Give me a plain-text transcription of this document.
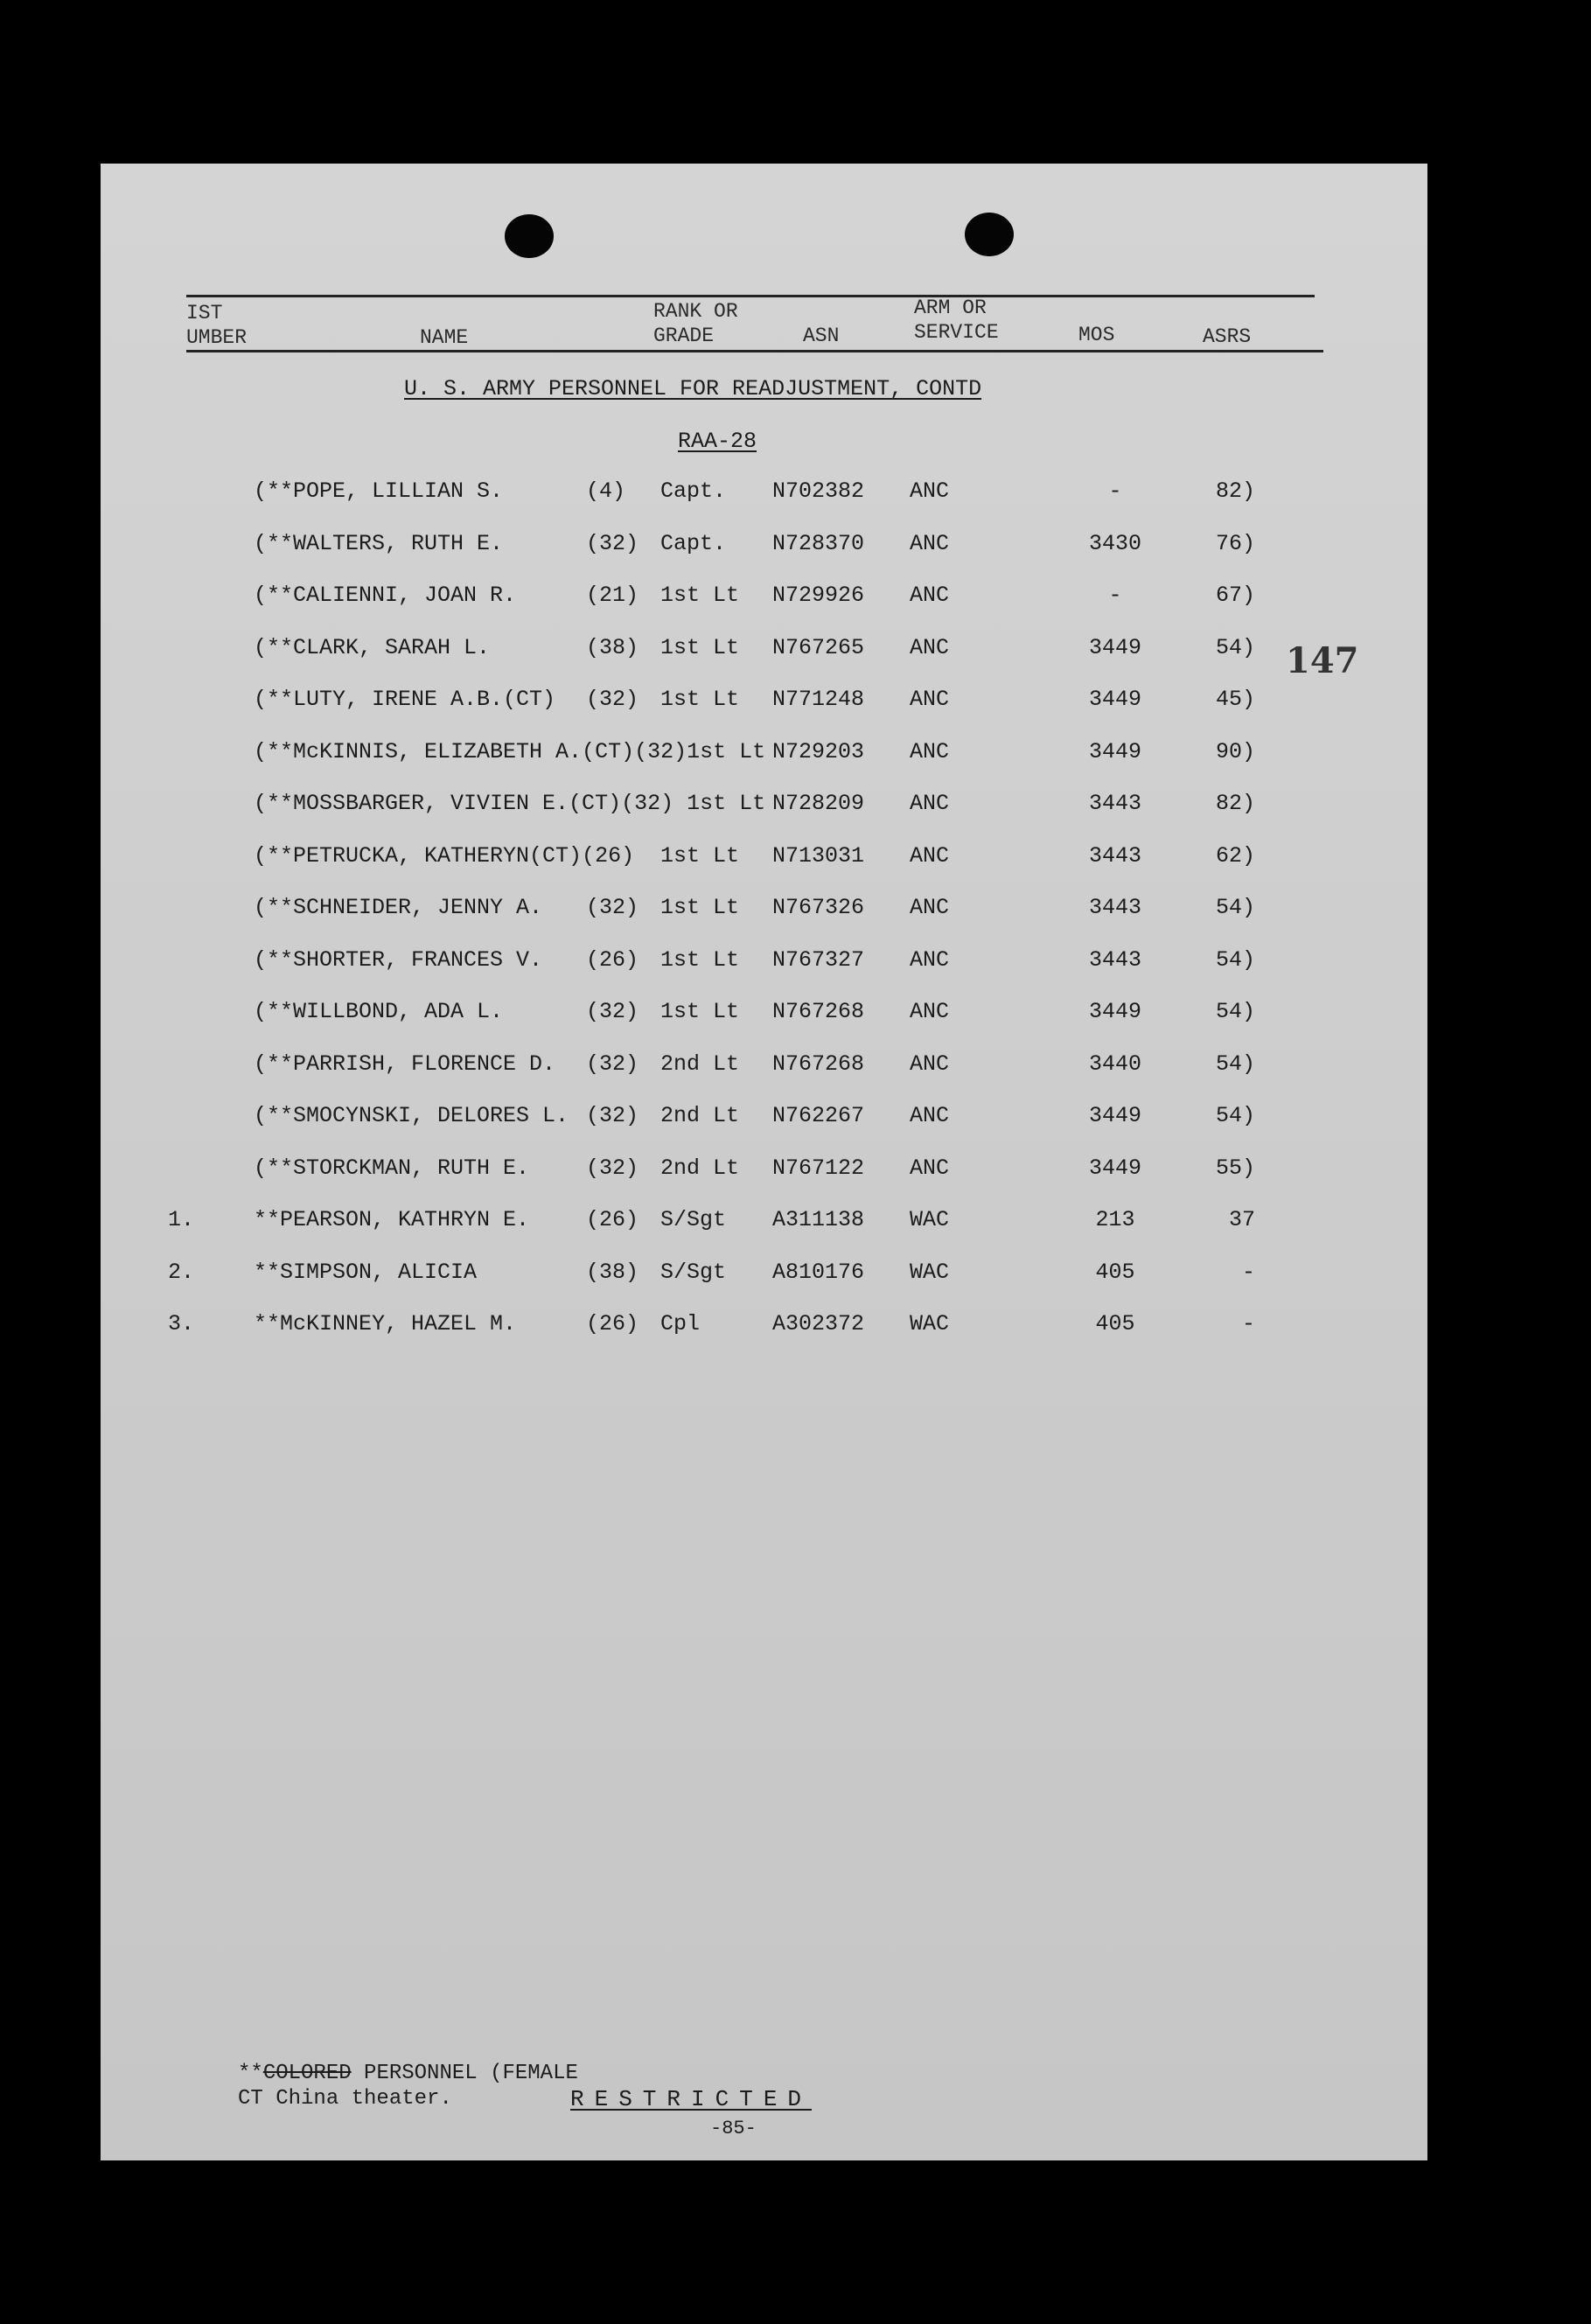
IST
UMBER	NAME
RANK OR
GRADE	ASN
ARM OR
SERVICE	MOS	ASRS
U. S. ARMY PERSONNEL FOR READJUSTMENT, CONTD
RAA-28
(**POPE, LILLIAN S.	(4) Capt. N702382 ANC	-	82)
(**WALTERS, RUTH E.	(32) Capt. N728370 ANC	3430	76)
(**CALIENNI, JOAN R.	(21) 1st Lt N729926 ANC	-	67)
(**CLARK, SARAH L.	(38) 1st Lt N767265 ANC	3449	54)
(**LUTY, IRENE A.B.(CT) (32) 1st Lt N771248 ANC	3449	45)
(**McKINNIS, ELIZABETH A.(CT)(32)1st Lt N729203 ANC	3449	90)
(**MOSSBARGER, VIVIEN E.(CT)(32) 1st Lt N728209 ANC	3443	82)
(**PETRUCKA, KATHERYN(CT)(26) 1st Lt N713031 ANC	3443	62)
(**SCHNEIDER, JENNY A. (32) 1st Lt N767326 ANC	3443	54)
(**SHORTER, FRANCES V. (26) 1st Lt N767327 ANC	3443	54)
(**WILLBOND, ADA L.	(32) 1st Lt N767268 ANC	3449	54)
(**PARRISH, FLORENCE D. (32) 2nd Lt N767268 ANC	3440	54)
(**SMOCYNSKI, DELORES L. (32) 2nd Lt N762267 ANC	3449	54)
(**STORCKMAN, RUTH E.	(32) 2nd Lt N767122 ANC	3449	55)
1.	**PEARSON, KATHRYN E.	(26) S/Sgt A311138 WAC	213	37
2.	**SIMPSON, ALICIA	(38) S/Sgt A810176 WAC	405	-
3.	**McKINNEY, HAZEL M.	(26) Cpl	A302372 WAC	405	-
147
**COLORED PERSONNEL (FEMALE
CT China theater.	RESTRICTED
-85-
